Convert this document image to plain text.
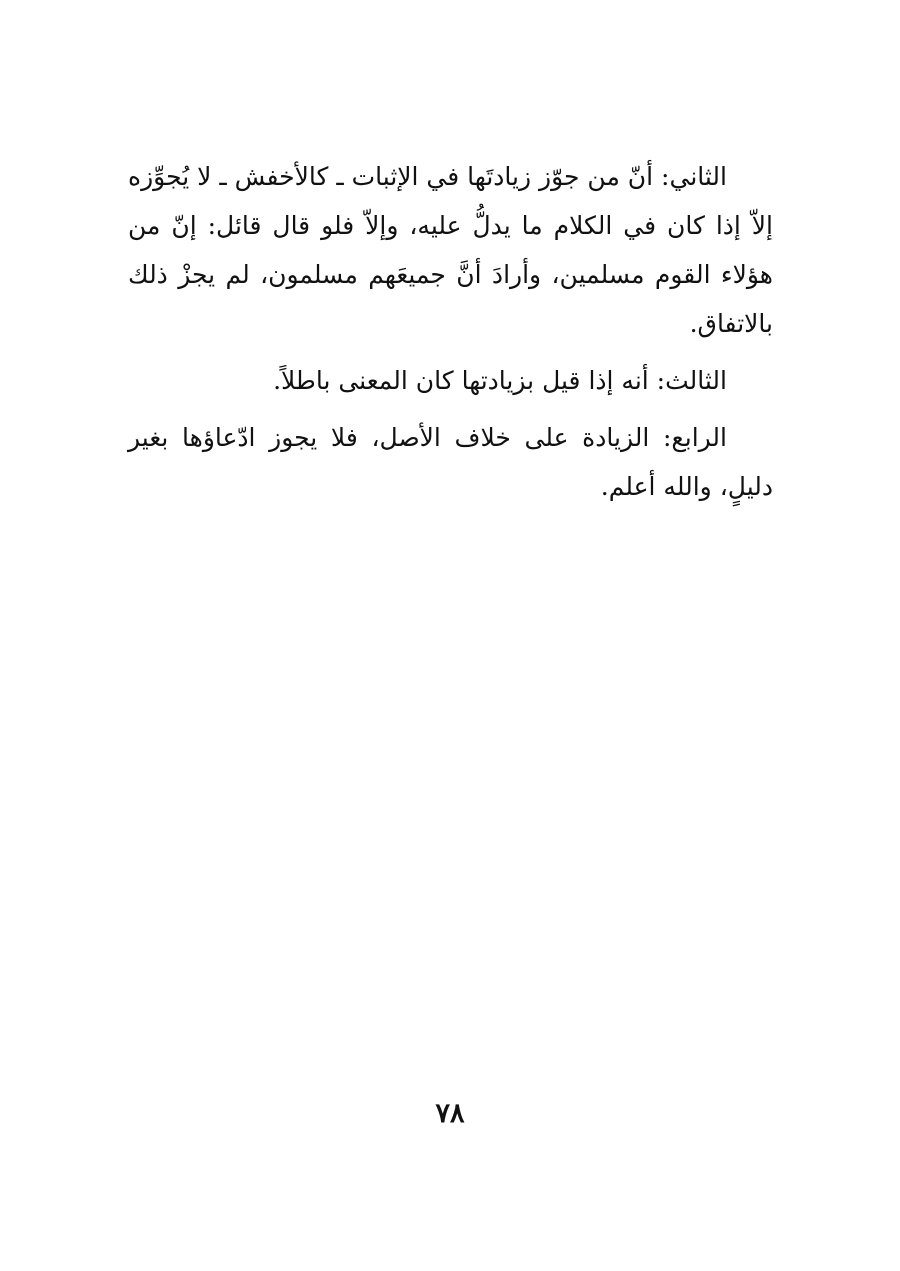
الثاني: أنّ من جوّز زيادتَها في الإثبات ـ كالأخفش ـ لا يُجوِّزه إلاّ إذا كان في الكلام ما يدلُّ عليه، وإلاّ فلو قال قائل: إنّ من هؤلاء القوم مسلمين، وأرادَ أنَّ جميعَهم مسلمون، لم يجزْ ذلك بالاتفاق.

الثالث: أنه إذا قيل بزيادتها كان المعنى باطلاً.

الرابع: الزيادة على خلاف الأصل، فلا يجوز ادّعاؤها بغير دليلٍ، والله أعلم.

٧٨
